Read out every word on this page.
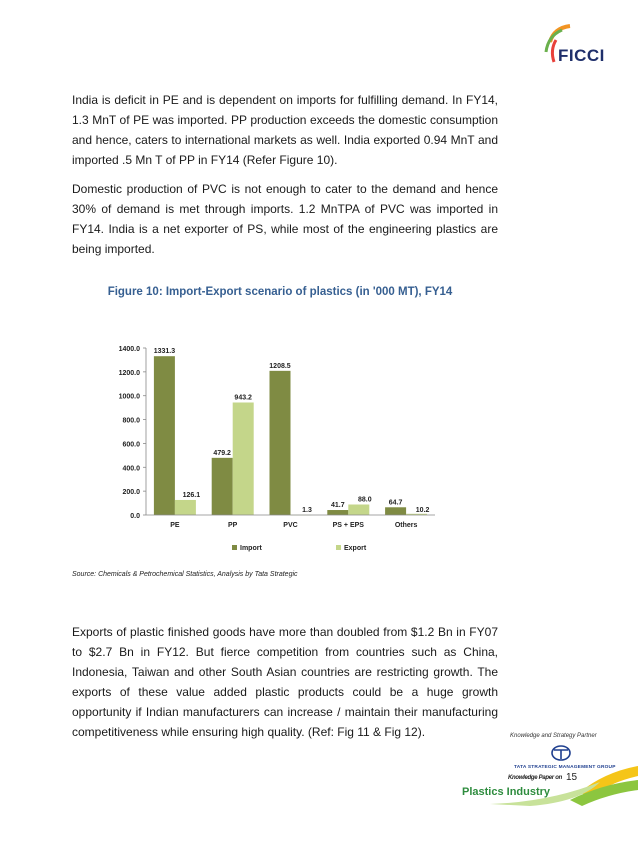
FICCI

India is deficit in PE and is dependent on imports for fulfilling demand. In FY14, 1.3 MnT of PE was imported. PP production exceeds the domestic consumption and hence, caters to international markets as well. India exported 0.94 MnT and imported .5 Mn T of PP in FY14 (Refer Figure 10).

Domestic production of PVC is not enough to cater to the demand and hence 30% of demand is met through imports. 1.2 MnTPA of PVC was imported in FY14. India is a net exporter of PS, while most of the engineering plastics are being imported.

Figure 10: Import-Export scenario of plastics (in '000 MT), FY14
0.0
200.0
400.0
600.0
800.0
1000.0
1200.0
1400.0 1331.3
126.1
479.2
943.2
1208.5
1.3
41.7
88.0 64.7
10.2
PE	PP	PVC	PS + EPS	Others
Import	Export
Source: Chemicals & Petrochemical Statistics, Analysis by Tata Strategic

Exports of plastic finished goods have more than doubled from $1.2 Bn in FY07 to $2.7 Bn in FY12. But fierce competition from countries such as China, Indonesia, Taiwan and other South Asian countries are restricting growth. The exports of these value added plastic products could be a huge growth opportunity if Indian manufacturers can increase / maintain their manufacturing competitiveness while ensuring high quality. (Ref: Fig 11 & Fig 12).	Knowledge and Strategy Partner
TATA STRATEGIC MANAGEMENT GROUP
Knowledge Paper on 15
Plastics Industry
